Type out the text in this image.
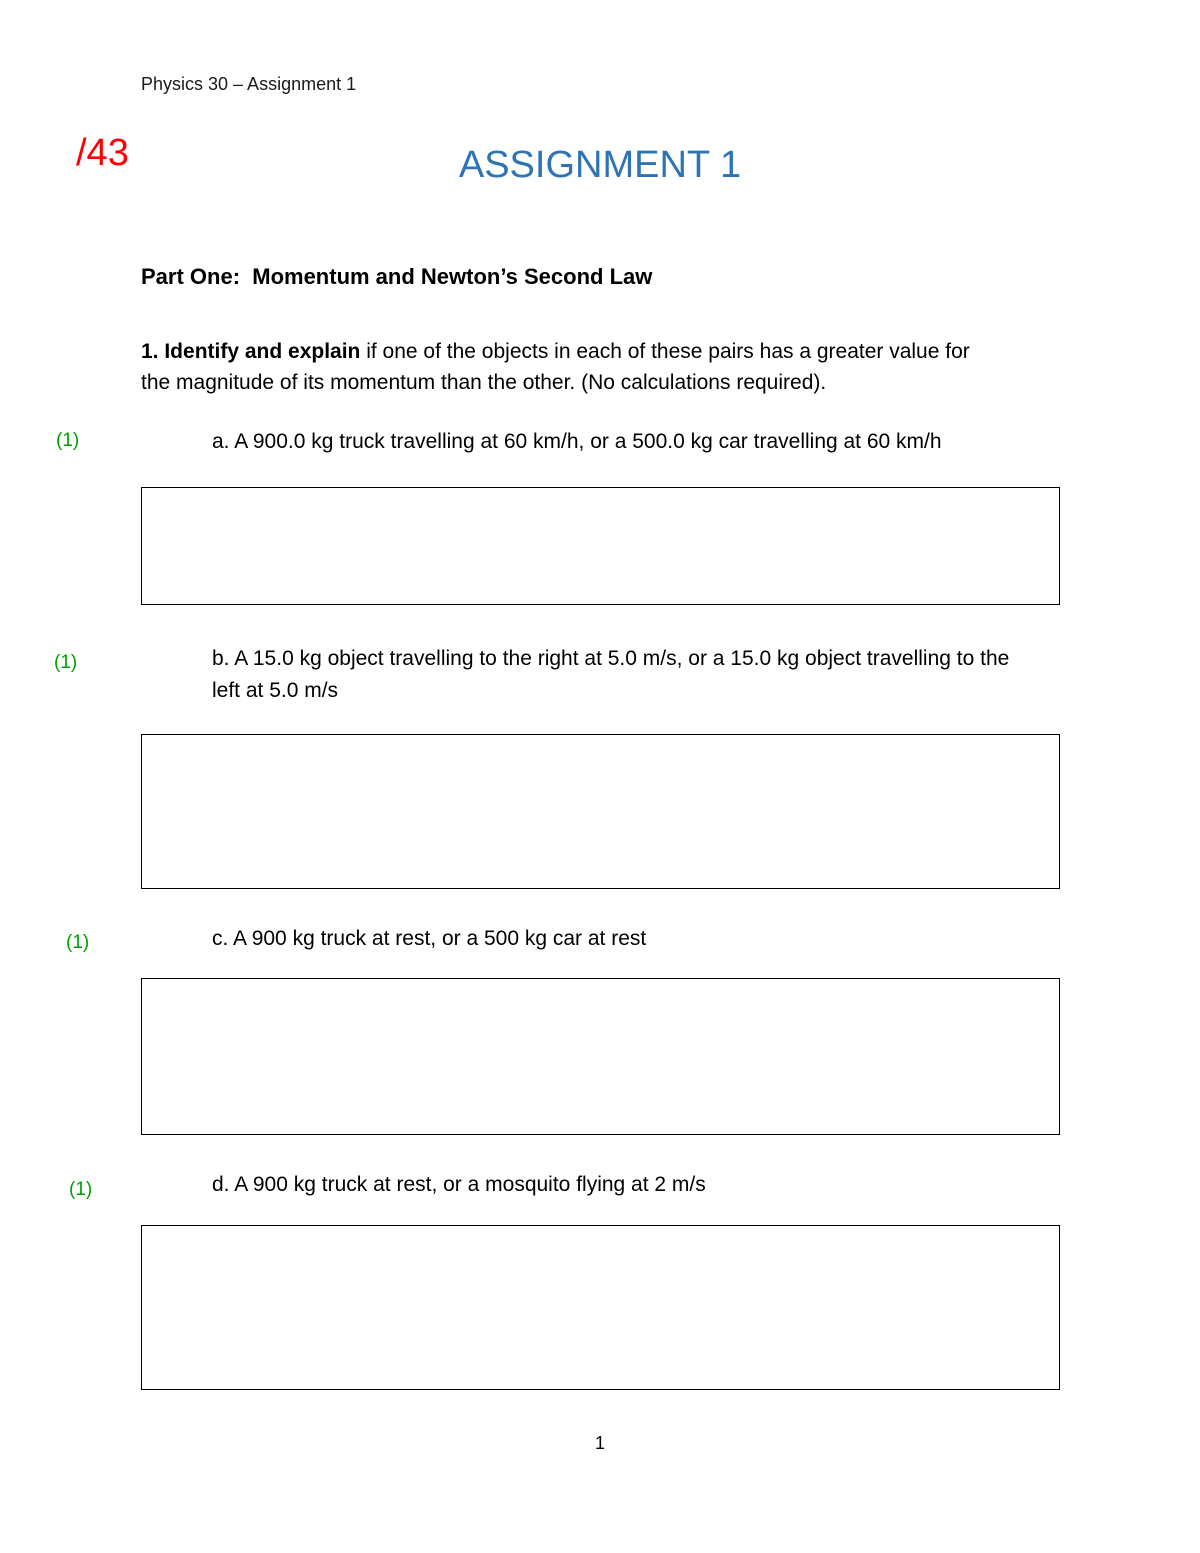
Physics 30 – Assignment 1
/43	ASSIGNMENT 1
Part One:  Momentum and Newton’s Second Law
1. Identify and explain if one of the objects in each of these pairs has a greater value for
the magnitude of its momentum than the other. (No calculations required).
(1)	a. A 900.0 kg truck travelling at 60 km/h, or a 500.0 kg car travelling at 60 km/h
(1)	b. A 15.0 kg object travelling to the right at 5.0 m/s, or a 15.0 kg object travelling to the
left at 5.0 m/s
(1)	c. A 900 kg truck at rest, or a 500 kg car at rest
(1)	d. A 900 kg truck at rest, or a mosquito flying at 2 m/s
1
